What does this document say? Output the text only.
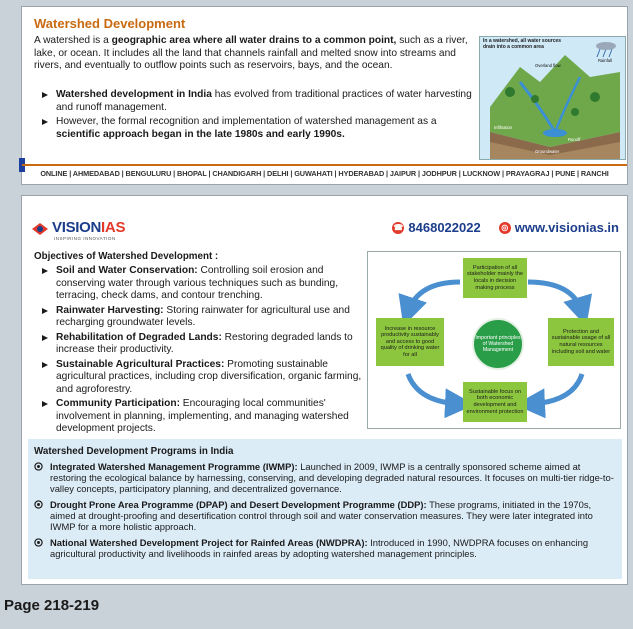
Watershed Development
A watershed is a geographic area where all water drains to a common point, such as a river, lake, or ocean. It includes all the land that channels rainfall and melted snow into streams and rivers, and eventually to outflow points such as reservoirs, bays, and the ocean.
Watershed development in India has evolved from traditional practices of water harvesting and runoff management.
However, the formal recognition and implementation of watershed management as a scientific approach began in the late 1980s and early 1990s.
In a watershed, all water sources drain into a common area
Overland flow
Rainfall
Infiltration
Groundwater
Runoff
ONLINE | AHMEDABAD | BENGULURU | BHOPAL | CHANDIGARH | DELHI | GUWAHATI | HYDERABAD | JAIPUR | JODHPUR | LUCKNOW | PRAYAGRAJ | PUNE | RANCHI
VISIONIAS
INSPIRING INNOVATION
☎ 8468022022	◎ www.visionias.in
Objectives of Watershed Development :
Soil and Water Conservation: Controlling soil erosion and conserving water through various techniques such as bunding, terracing, check dams, and contour trenching.
Rainwater Harvesting: Storing rainwater for agricultural use and recharging groundwater levels.
Rehabilitation of Degraded Lands: Restoring degraded lands to increase their productivity.
Sustainable Agricultural Practices: Promoting sustainable agricultural practices, including crop diversification, organic farming, and agroforestry.
Community Participation: Encouraging local communities' involvement in planning, implementing, and managing watershed development projects.
Participation of all stakeholder mainly the locals in decision making process
Increase in resource productivity sustainably and access to good quality of drinking water for all
Protection and sustainable usage of all natural resources including soil and water
Sustainable focus on both economic development and environment protection
Important principles of Watershed Management
Watershed Development Programs in India
Integrated Watershed Management Programme (IWMP): Launched in 2009, IWMP is a centrally sponsored scheme aimed at restoring the ecological balance by harnessing, conserving, and developing degraded natural resources. It focuses on multi-tier ridge-to-valley concepts, participatory planning, and decentralized governance.
Drought Prone Area Programme (DPAP) and Desert Development Programme (DDP): These programs, initiated in the 1970s, aimed at drought-proofing and desertification control through soil and water conservation measures. They were later integrated into IWMP for a more holistic approach.
National Watershed Development Project for Rainfed Areas (NWDPRA): Introduced in 1990, NWDPRA focuses on enhancing agricultural productivity and livelihoods in rainfed areas by adopting watershed management principles.
Page 218-219
